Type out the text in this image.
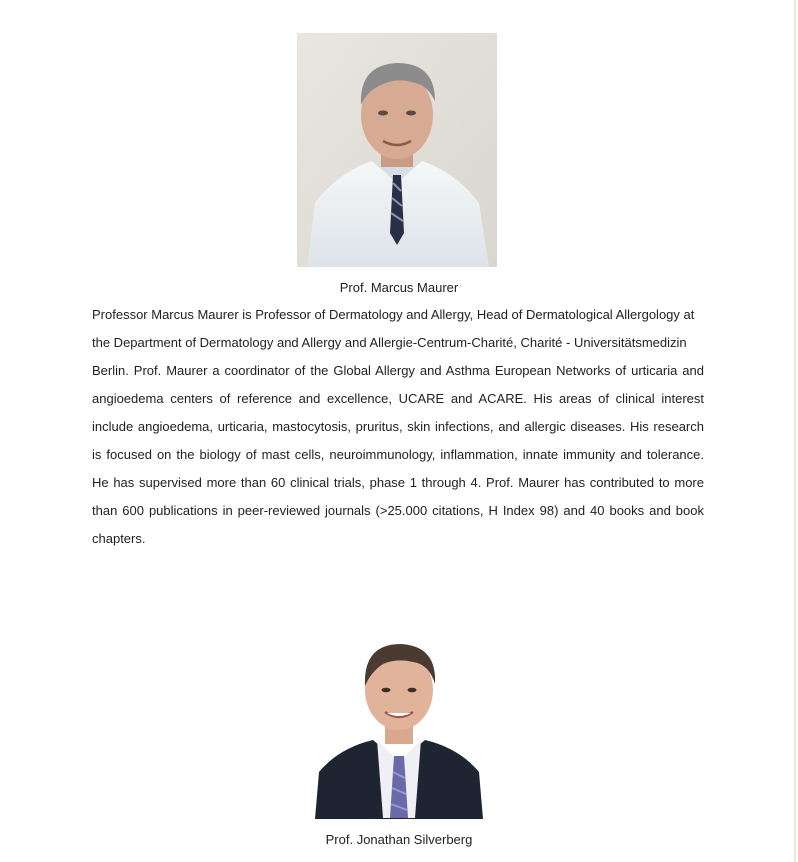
Prof. Marcus Maurer

Professor Marcus Maurer is Professor of Dermatology and Allergy, Head of Dermatological Allergology at the Department of Dermatology and Allergy and Allergie-Centrum-Charité, Charité - Universitätsmedizin

Berlin. Prof. Maurer a coordinator of the Global Allergy and Asthma European Networks of urticaria and angioedema centers of reference and excellence, UCARE and ACARE. His areas of clinical interest include angioedema, urticaria, mastocytosis, pruritus, skin infections, and allergic diseases. His research is focused on the biology of mast cells, neuroimmunology, inflammation, innate immunity and tolerance. He has supervised more than 60 clinical trials, phase 1 through 4. Prof. Maurer has contributed to more than 600 publications in peer-reviewed journals (>25.000 citations, H Index 98) and 40 books and book chapters.

Prof. Jonathan Silverberg
